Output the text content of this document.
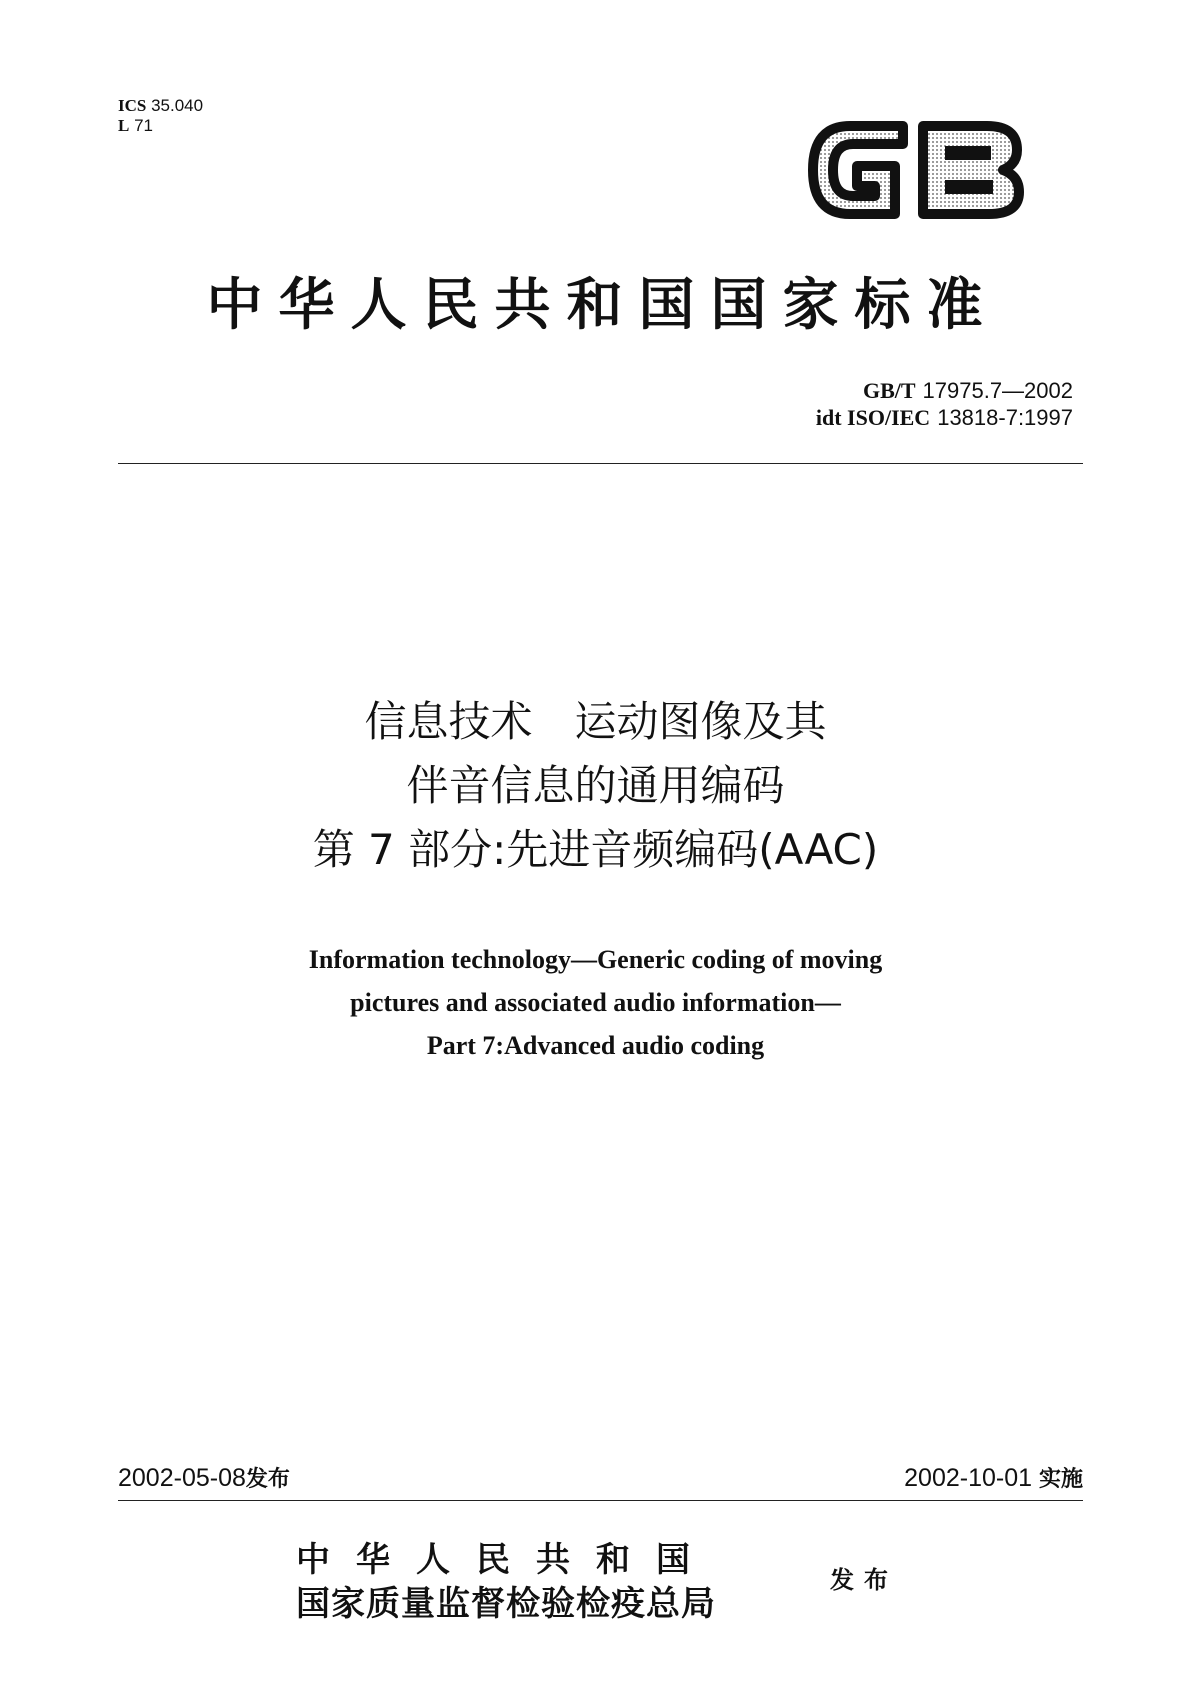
ICS 35.040
L 71
中华人民共和国国家标准
GB/T 17975.7—2002
idt ISO/IEC 13818-7:1997
信息技术 运动图像及其
伴音信息的通用编码
第 7 部分:先进音频编码(AAC)
Information technology—Generic coding of moving
pictures and associated audio information—
Part 7:Advanced audio coding
2002-05-08发布	2002-10-01 实施
中华人民共和国
国家质量监督检验检疫总局
发布
